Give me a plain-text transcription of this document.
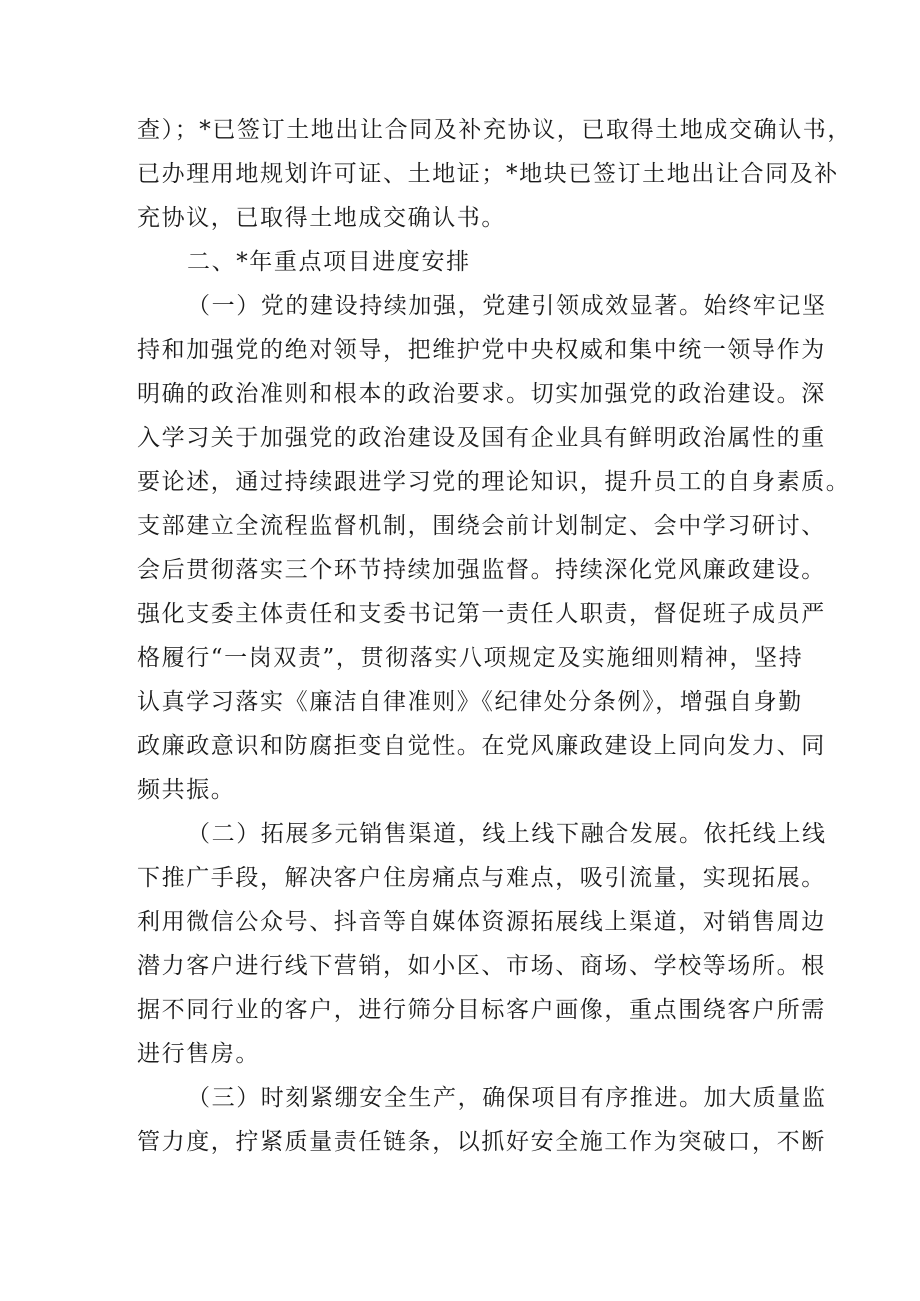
查）；*已签订土地出让合同及补充协议，已取得土地成交确认书，
已办理用地规划许可证、土地证；*地块已签订土地出让合同及补
充协议，已取得土地成交确认书。
二、*年重点项目进度安排
（一）党的建设持续加强，党建引领成效显著。始终牢记坚
持和加强党的绝对领导，把维护党中央权威和集中统一领导作为
明确的政治准则和根本的政治要求。切实加强党的政治建设。深
入学习关于加强党的政治建设及国有企业具有鲜明政治属性的重
要论述，通过持续跟进学习党的理论知识，提升员工的自身素质。
支部建立全流程监督机制，围绕会前计划制定、会中学习研讨、
会后贯彻落实三个环节持续加强监督。持续深化党风廉政建设。
强化支委主体责任和支委书记第一责任人职责，督促班子成员严
格履行“一岗双责”，贯彻落实八项规定及实施细则精神，坚持
认真学习落实《廉洁自律准则》《纪律处分条例》，增强自身勤
政廉政意识和防腐拒变自觉性。在党风廉政建设上同向发力、同
频共振。
（二）拓展多元销售渠道，线上线下融合发展。依托线上线
下推广手段，解决客户住房痛点与难点，吸引流量，实现拓展。
利用微信公众号、抖音等自媒体资源拓展线上渠道，对销售周边
潜力客户进行线下营销，如小区、市场、商场、学校等场所。根
据不同行业的客户，进行筛分目标客户画像，重点围绕客户所需
进行售房。
（三）时刻紧绷安全生产，确保项目有序推进。加大质量监
管力度，拧紧质量责任链条，以抓好安全施工作为突破口，不断
